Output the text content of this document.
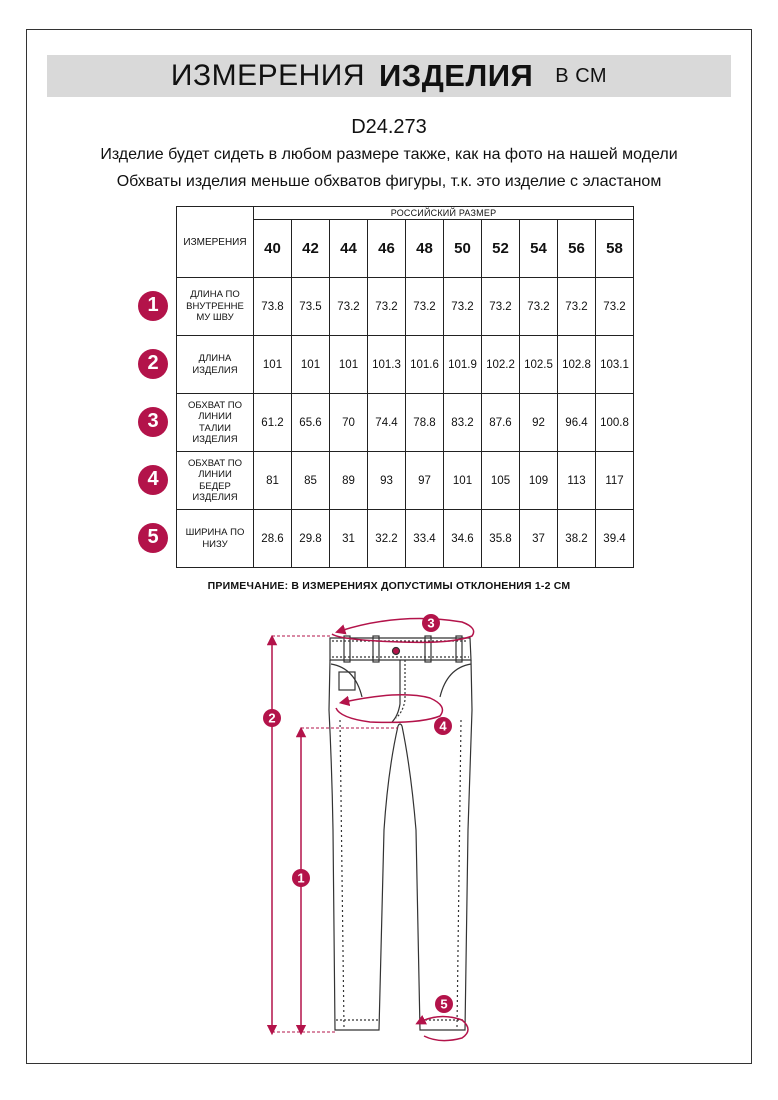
ИЗМЕРЕНИЯ ИЗДЕЛИЯ В СМ
D24.273
Изделие будет сидеть в любом размере также, как на фото на нашей модели
Обхваты изделия меньше обхватов фигуры, т.к. это изделие с эластаном
ИЗМЕРЕНИЯ	РОССИЙСКИЙ РАЗМЕР									
	40	42	44	46	48	50	52	54	56	58
ДЛИНА ПО
ВНУТРЕННЕ
МУ ШВУ	73.8	73.5	73.2	73.2	73.2	73.2	73.2	73.2	73.2	73.2
ДЛИНА
ИЗДЕЛИЯ	101	101	101	101.3	101.6	101.9	102.2	102.5	102.8	103.1
ОБХВАТ ПО
ЛИНИИ
ТАЛИИ
ИЗДЕЛИЯ	61.2	65.6	70	74.4	78.8	83.2	87.6	92	96.4	100.8
ОБХВАТ ПО
ЛИНИИ
БЕДЕР
ИЗДЕЛИЯ	81	85	89	93	97	101	105	109	113	117
ШИРИНА ПО
НИЗУ	28.6	29.8	31	32.2	33.4	34.6	35.8	37	38.2	39.4
1
2
3
4
5
ПРИМЕЧАНИЕ: В ИЗМЕРЕНИЯХ ДОПУСТИМЫ ОТКЛОНЕНИЯ 1-2 СМ
1
2
3
4
5
